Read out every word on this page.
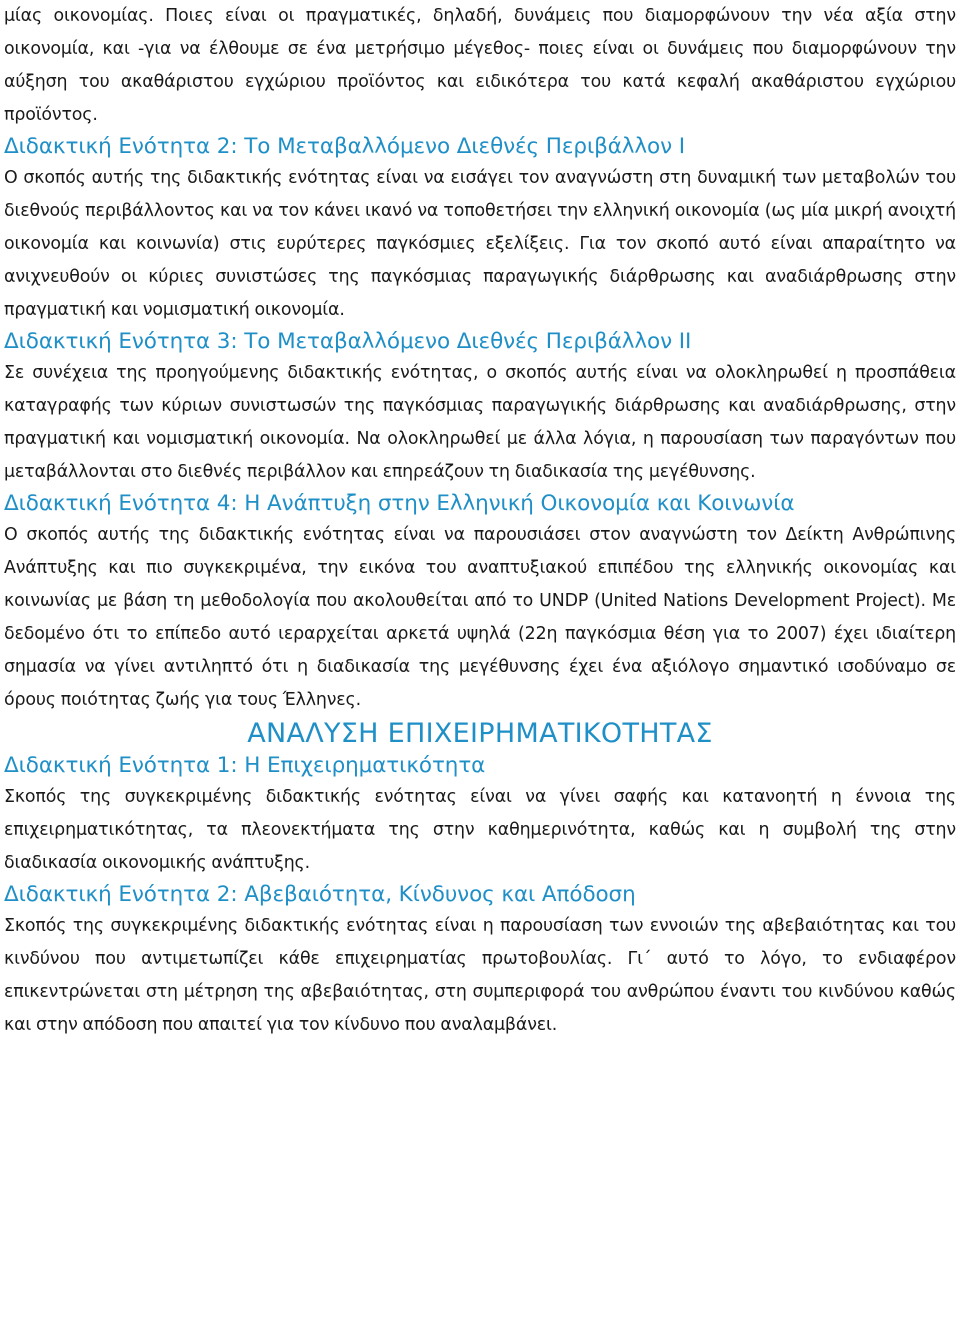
μίας οικονομίας. Ποιες είναι οι πραγματικές, δηλαδή, δυνάμεις που διαμορφώνουν την νέα αξία στην οικονομία, και -για να έλθουμε σε ένα μετρήσιμο μέγεθος- ποιες είναι οι δυνάμεις που διαμορφώνουν την αύξηση του ακαθάριστου εγχώριου προϊόντος και ειδικότερα του κατά κεφαλή ακαθάριστου εγχώριου προϊόντος.

Διδακτική Ενότητα 2: Το Μεταβαλλόμενο Διεθνές Περιβάλλον Ι

Ο σκοπός αυτής της διδακτικής ενότητας είναι να εισάγει τον αναγνώστη στη δυναμική των μεταβολών του διεθνούς περιβάλλοντος και να τον κάνει ικανό να τοποθετήσει την ελληνική οικονομία (ως μία μικρή ανοιχτή οικονομία και κοινωνία) στις ευρύτερες παγκόσμιες εξελίξεις. Για τον σκοπό αυτό είναι απαραίτητο να ανιχνευθούν οι κύριες συνιστώσες της παγκόσμιας παραγωγικής διάρθρωσης και αναδιάρθρωσης στην πραγματική και νομισματική οικονομία.

Διδακτική Ενότητα 3: Το Μεταβαλλόμενο Διεθνές Περιβάλλον ΙΙ

Σε συνέχεια της προηγούμενης διδακτικής ενότητας, ο σκοπός αυτής είναι να ολοκληρωθεί η προσπάθεια καταγραφής των κύριων συνιστωσών της παγκόσμιας παραγωγικής διάρθρωσης και αναδιάρθρωσης, στην πραγματική και νομισματική οικονομία. Να ολοκληρωθεί με άλλα λόγια, η παρουσίαση των παραγόντων που μεταβάλλονται στο διεθνές περιβάλλον και επηρεάζουν τη διαδικασία της μεγέθυνσης.

Διδακτική Ενότητα 4: Η Ανάπτυξη στην Ελληνική Οικονομία και Κοινωνία

Ο σκοπός αυτής της διδακτικής ενότητας είναι να παρουσιάσει στον αναγνώστη τον Δείκτη Ανθρώπινης Ανάπτυξης και πιο συγκεκριμένα, την εικόνα του αναπτυξιακού επιπέδου της ελληνικής οικονομίας και κοινωνίας με βάση τη μεθοδολογία που ακολουθείται από το UNDP (United Nations Development Project). Με δεδομένο ότι το επίπεδο αυτό ιεραρχείται αρκετά υψηλά (22η παγκόσμια θέση για το 2007) έχει ιδιαίτερη σημασία να γίνει αντιληπτό ότι η διαδικασία της μεγέθυνσης έχει ένα αξιόλογο σημαντικό ισοδύναμο σε όρους ποιότητας ζωής για τους Έλληνες.

ΑΝΑΛΥΣΗ ΕΠΙΧΕΙΡΗΜΑΤΙΚΟΤΗΤΑΣ
Διδακτική Ενότητα 1: Η Επιχειρηματικότητα

Σκοπός της συγκεκριμένης διδακτικής ενότητας είναι να γίνει σαφής και κατανοητή η έννοια της επιχειρηματικότητας, τα πλεονεκτήματα της στην καθημερινότητα, καθώς και η συμβολή της στην διαδικασία οικονομικής ανάπτυξης.

Διδακτική Ενότητα 2: Αβεβαιότητα, Κίνδυνος και Απόδοση

Σκοπός της συγκεκριμένης διδακτικής ενότητας είναι η παρουσίαση των εννοιών της αβεβαιότητας και του κινδύνου που αντιμετωπίζει κάθε επιχειρηματίας πρωτοβουλίας. Γι΄ αυτό το λόγο, το ενδιαφέρον επικεντρώνεται στη μέτρηση της αβεβαιότητας, στη συμπεριφορά του ανθρώπου έναντι του κινδύνου καθώς και στην απόδοση που απαιτεί για τον κίνδυνο που αναλαμβάνει.
